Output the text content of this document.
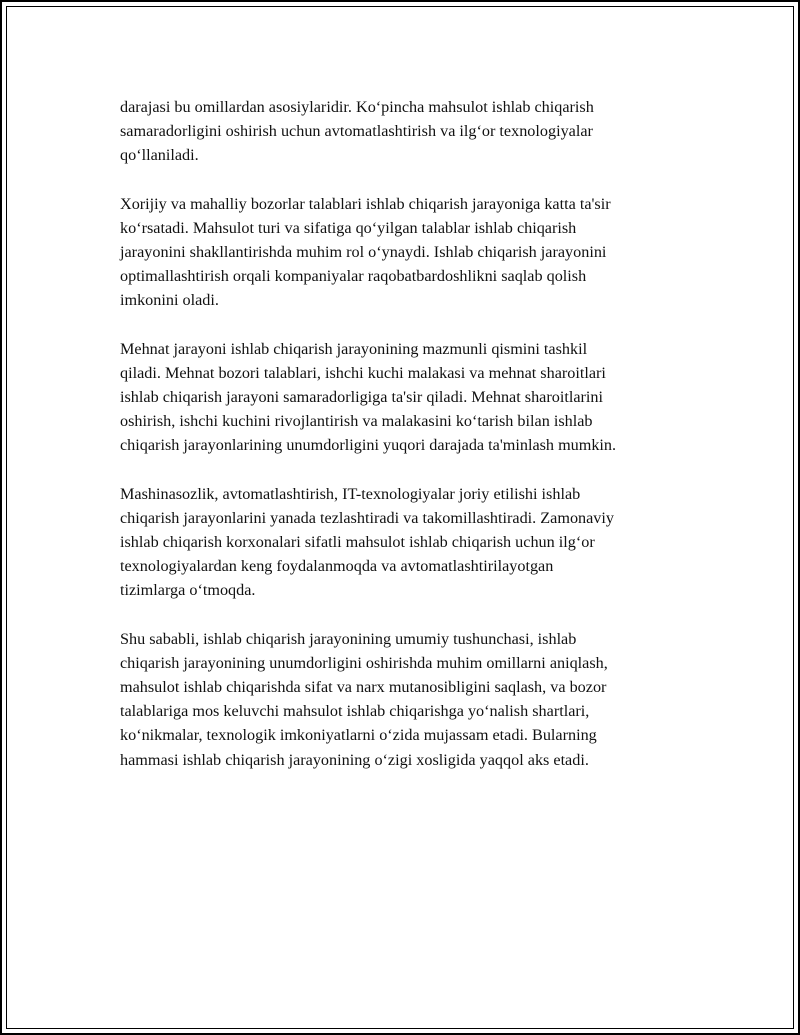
darajasi bu omillardan asosiylaridir. Ko‘pincha mahsulot ishlab chiqarish
samaradorligini oshirish uchun avtomatlashtirish va ilg‘or texnologiyalar
qo‘llaniladi.

Xorijiy va mahalliy bozorlar talablari ishlab chiqarish jarayoniga katta ta'sir
ko‘rsatadi. Mahsulot turi va sifatiga qo‘yilgan talablar ishlab chiqarish
jarayonini shakllantirishda muhim rol o‘ynaydi. Ishlab chiqarish jarayonini
optimallashtirish orqali kompaniyalar raqobatbardoshlikni saqlab qolish
imkonini oladi.

Mehnat jarayoni ishlab chiqarish jarayonining mazmunli qismini tashkil
qiladi. Mehnat bozori talablari, ishchi kuchi malakasi va mehnat sharoitlari
ishlab chiqarish jarayoni samaradorligiga ta'sir qiladi. Mehnat sharoitlarini
oshirish, ishchi kuchini rivojlantirish va malakasini ko‘tarish bilan ishlab
chiqarish jarayonlarining unumdorligini yuqori darajada ta'minlash mumkin.

Mashinasozlik, avtomatlashtirish, IT-texnologiyalar joriy etilishi ishlab
chiqarish jarayonlarini yanada tezlashtiradi va takomillashtiradi. Zamonaviy
ishlab chiqarish korxonalari sifatli mahsulot ishlab chiqarish uchun ilg‘or
texnologiyalardan keng foydalanmoqda va avtomatlashtirilayotgan
tizimlarga o‘tmoqda.

Shu sababli, ishlab chiqarish jarayonining umumiy tushunchasi, ishlab
chiqarish jarayonining unumdorligini oshirishda muhim omillarni aniqlash,
mahsulot ishlab chiqarishda sifat va narx mutanosibligini saqlash, va bozor
talablariga mos keluvchi mahsulot ishlab chiqarishga yo‘nalish shartlari,
ko‘nikmalar, texnologik imkoniyatlarni o‘zida mujassam etadi. Bularning
hammasi ishlab chiqarish jarayonining o‘zigi xosligida yaqqol aks etadi.
